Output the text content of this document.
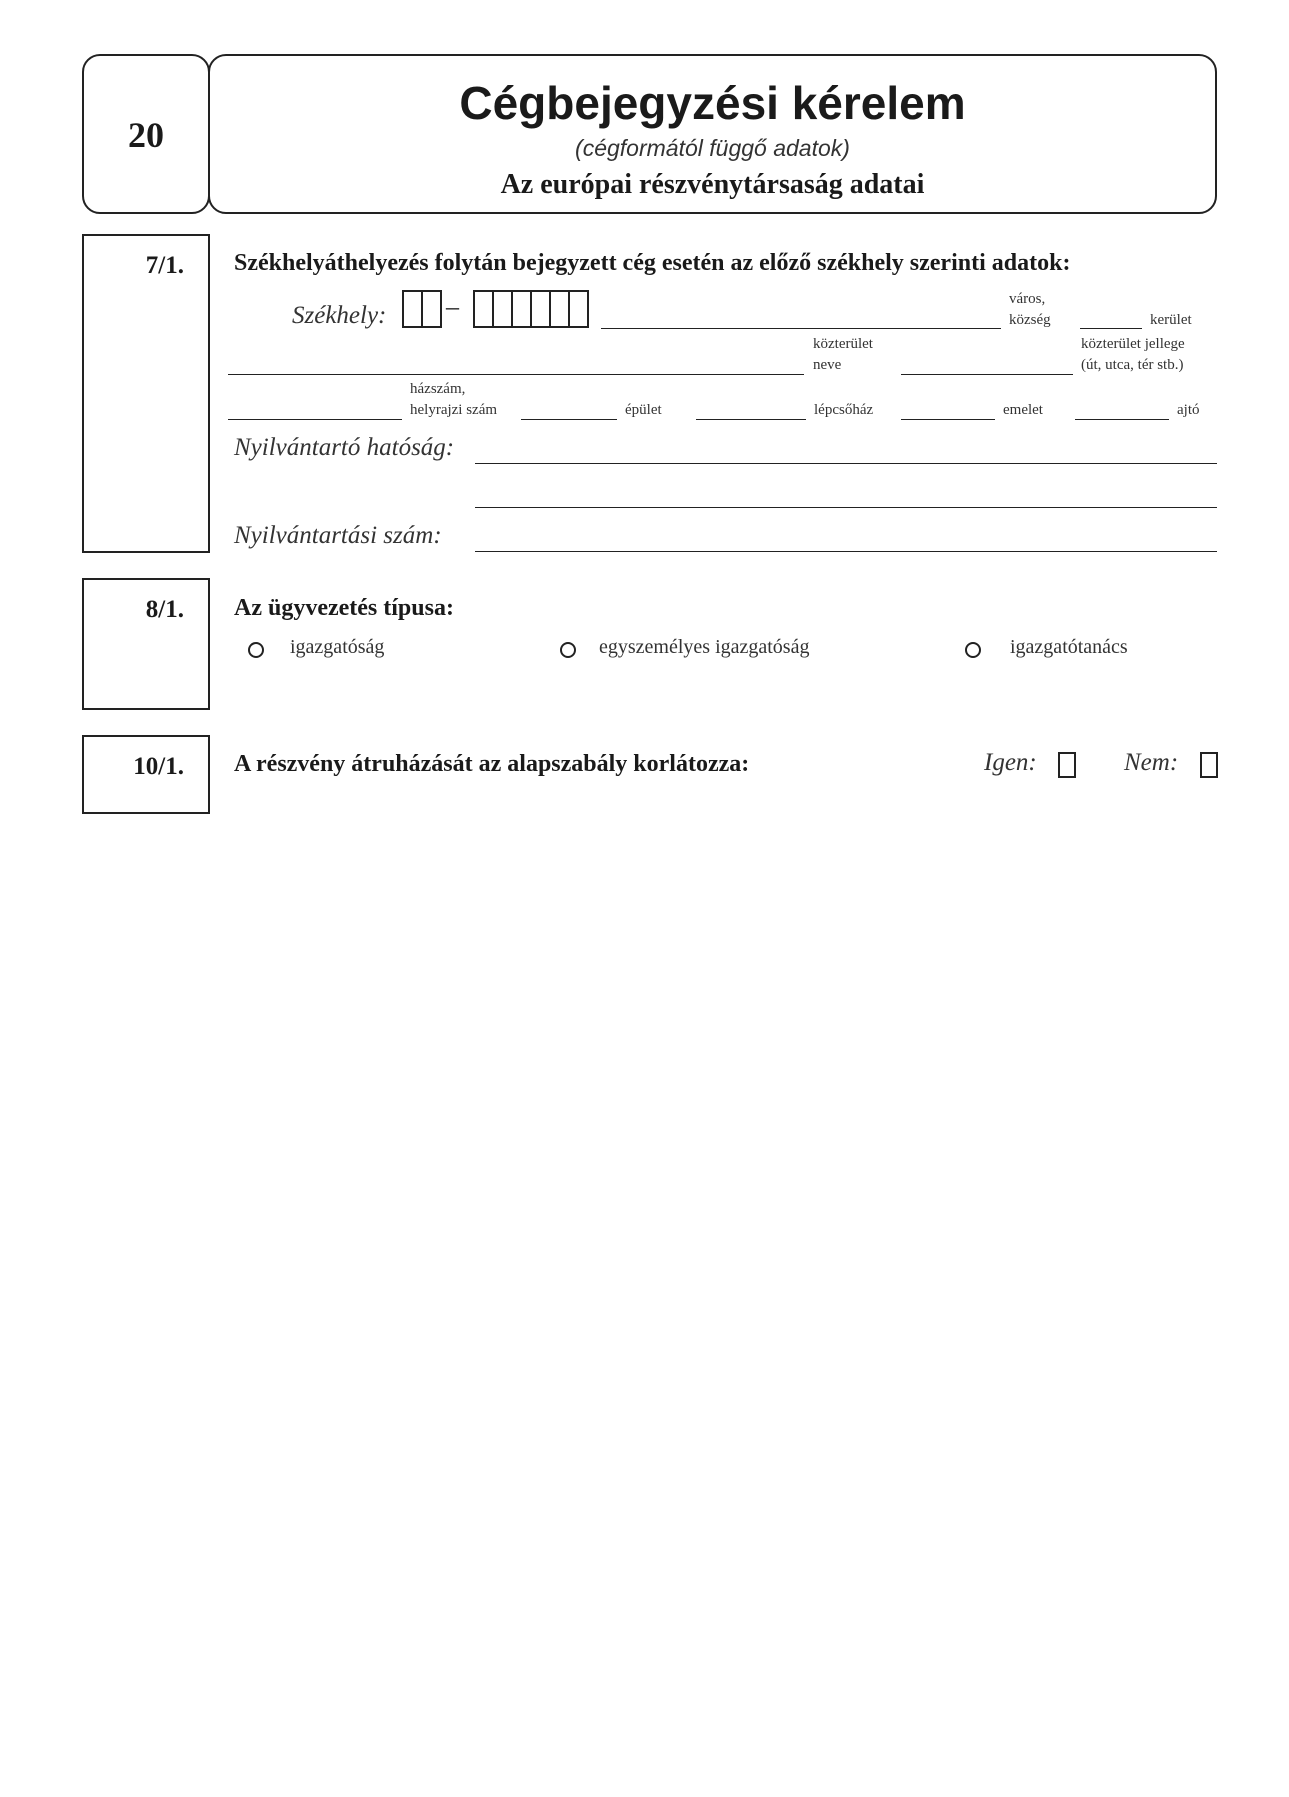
20
Cégbejegyzési kérelem
(cégformától függő adatok)
Az európai részvénytársaság adatai
7/1. Székhelyáthelyezés folytán bejegyzett cég esetén az előző székhely szerinti adatok:
Székhely: –	város,
község	kerület
közterület
neve
közterület jellege
(út, utca, tér stb.)
házszám,
helyrajzi szám	épület	lépcsőház	emelet	ajtó
Nyilvántartó hatóság:
Nyilvántartási szám:
8/1. Az ügyvezetés típusa:
igazgatóság	egyszemélyes igazgatóság	igazgatótanács
10/1. A részvény átruházását az alapszabály korlátozza:	Igen:	Nem:
